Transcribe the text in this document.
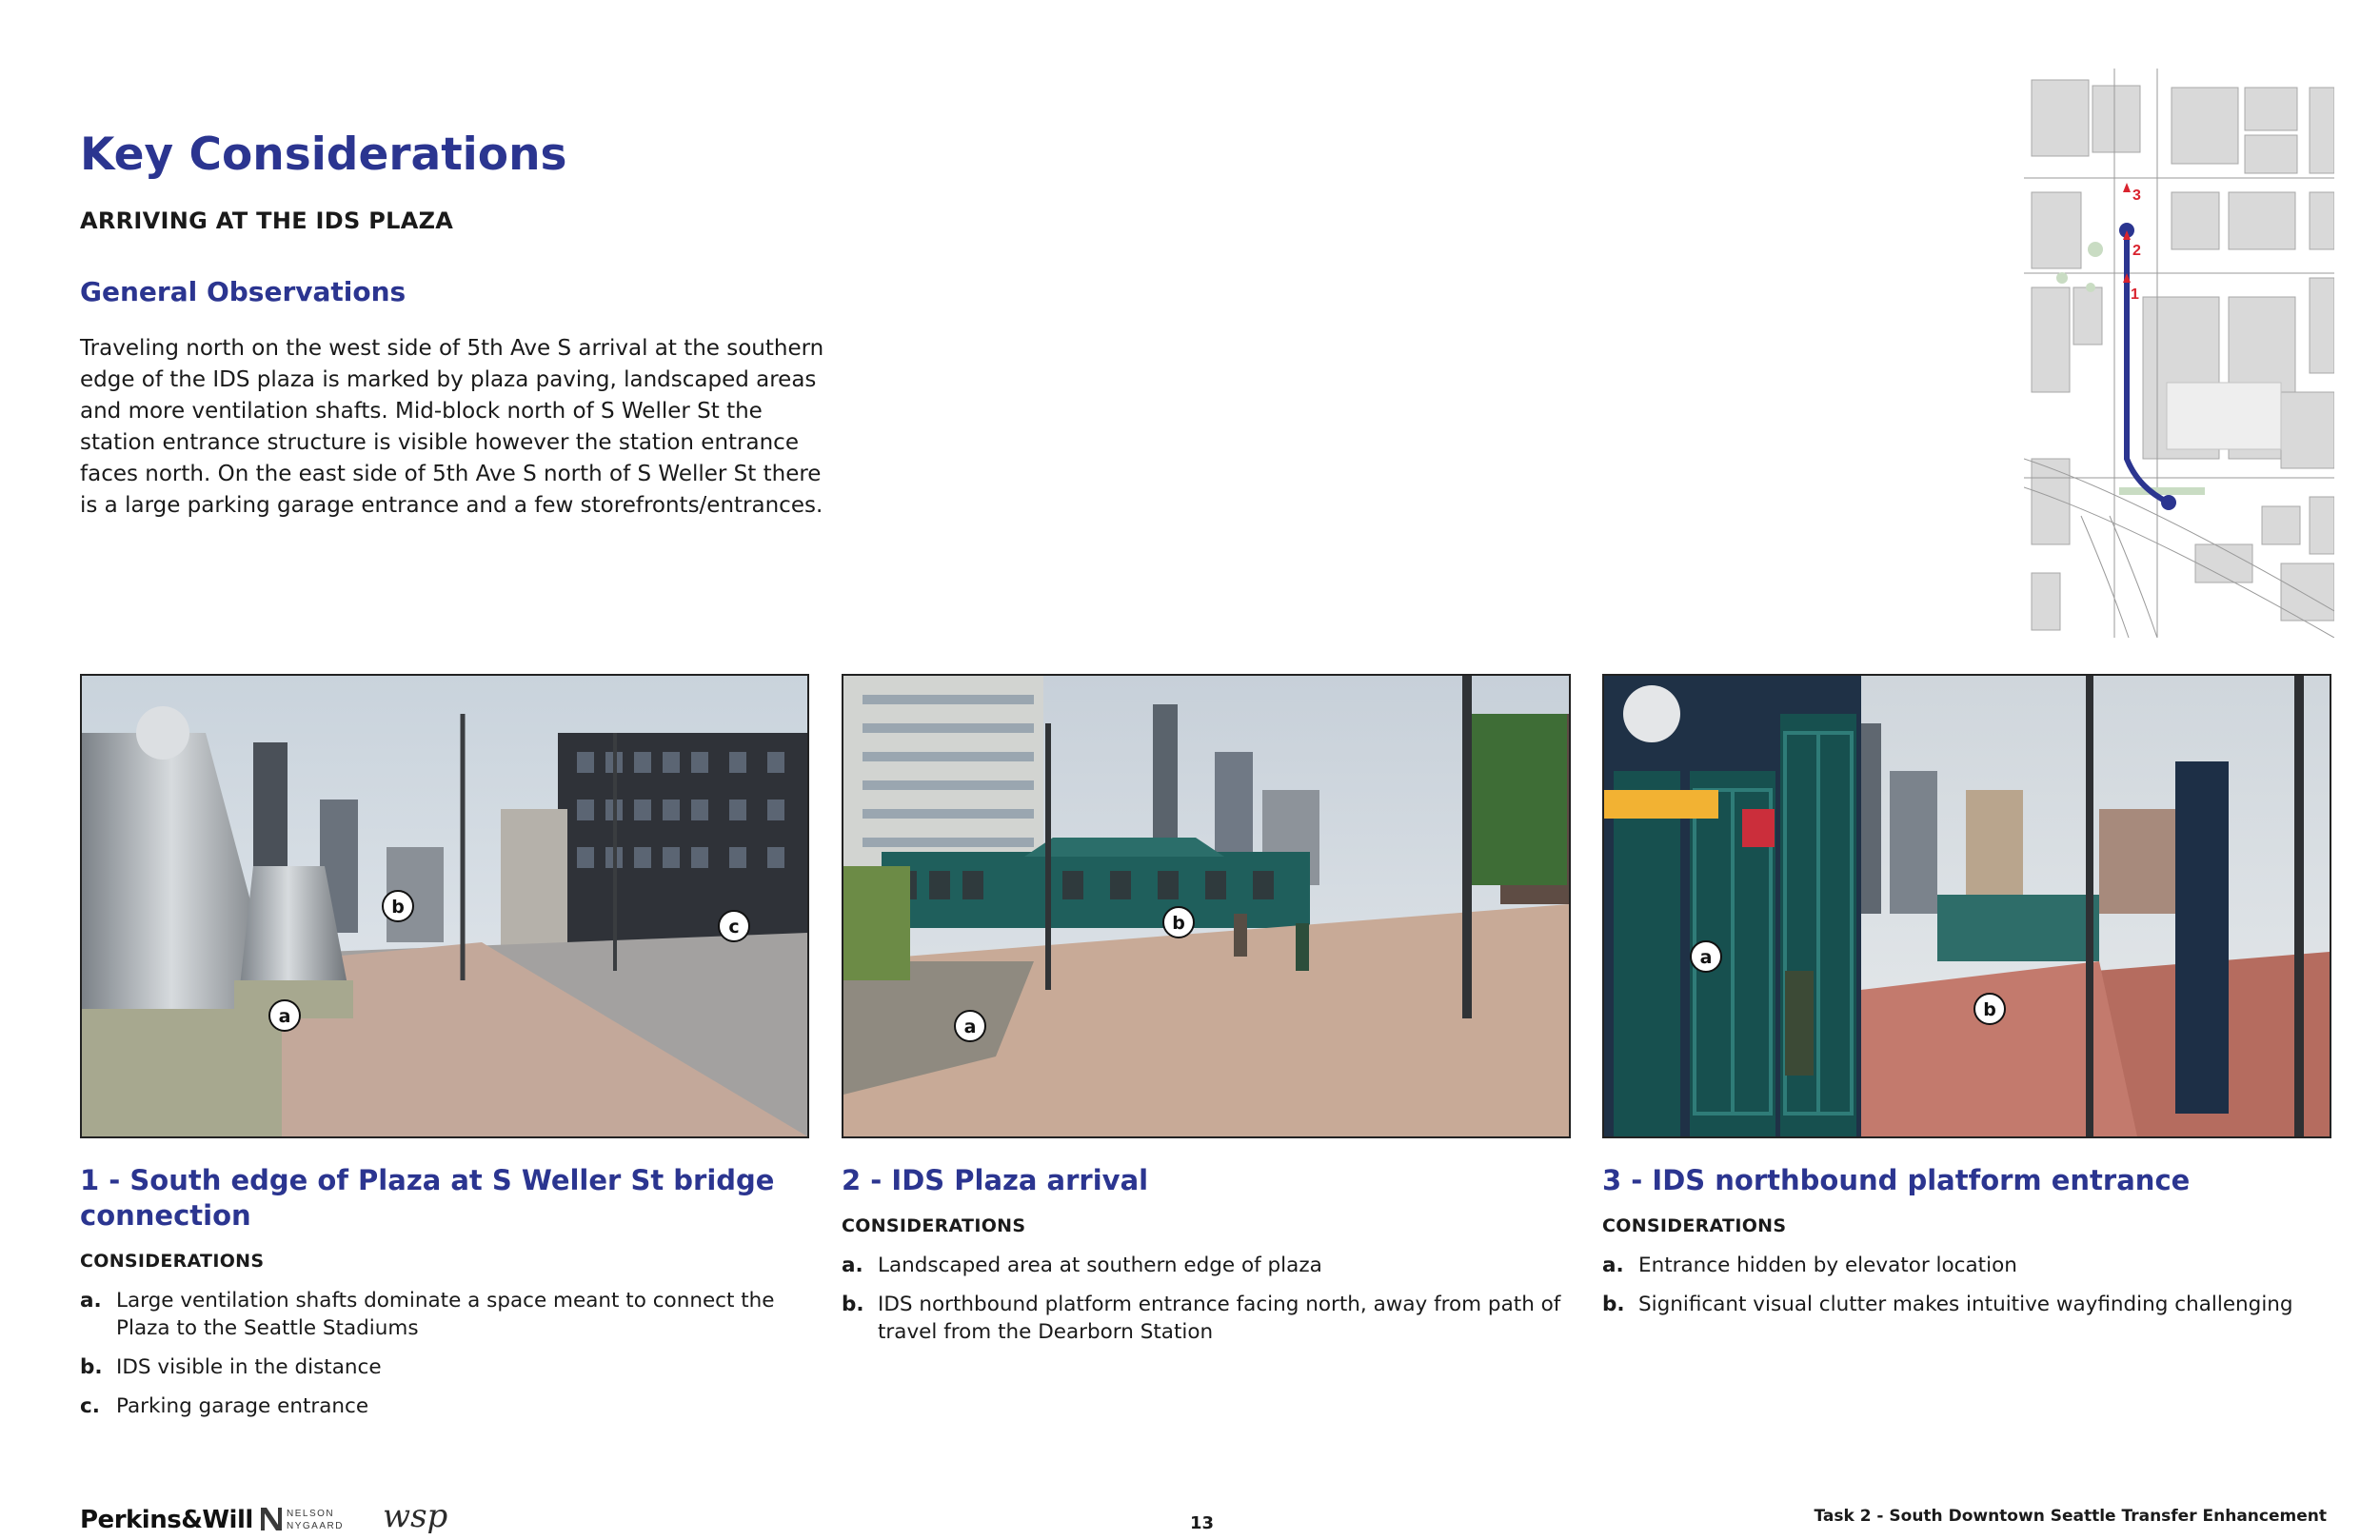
Key Considerations
ARRIVING AT THE IDS PLAZA
General Observations

Traveling north on the west side of 5th Ave S arrival at the southern edge of the IDS plaza is marked by plaza paving, landscaped areas and more ventilation shafts. Mid-block north of S Weller St the station entrance structure is visible however the station entrance faces north. On the east side of 5th Ave S north of S Weller St there is a large parking garage entrance and a few storefronts/entrances.

1
2
3
a
b
c
a
b
a
b

1 - South edge of Plaza at S Weller St bridge connection

CONSIDERATIONS

a. Large ventilation shafts dominate a space meant to connect the Plaza to the Seattle Stadiums
b. IDS visible in the distance
c. Parking garage entrance

2 - IDS Plaza arrival

CONSIDERATIONS

a. Landscaped area at southern edge of plaza
b. IDS northbound platform entrance facing north, away from path of travel from the Dearborn Station

3 - IDS northbound platform entrance

CONSIDERATIONS

a. Entrance hidden by elevator location
b. Significant visual clutter makes intuitive wayfinding challenging
Perkins&Will	NELSON
NYGAARD wsp	13	Task 2 - South Downtown Seattle Transfer Enhancement
